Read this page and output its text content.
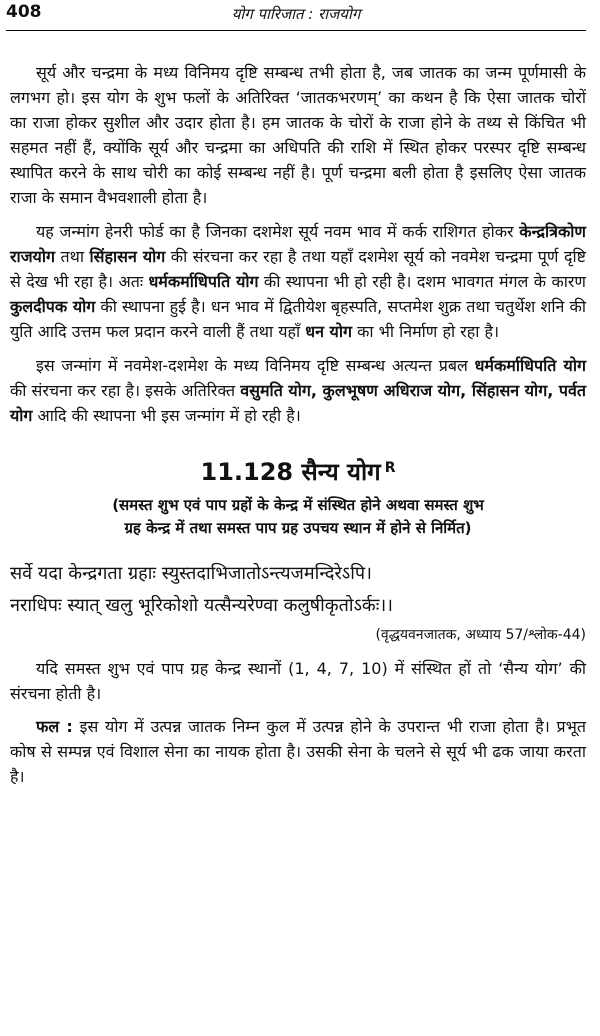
408	योग पारिजात : राजयोग

सूर्य और चन्द्रमा के मध्य विनिमय दृष्टि सम्बन्ध तभी होता है, जब जातक का जन्म पूर्णमासी के लगभग हो। इस योग के शुभ फलों के अतिरिक्त ‘जातकभरणम्’ का कथन है कि ऐसा जातक चोरों का राजा होकर सुशील और उदार होता है। हम जातक के चोरों के राजा होने के तथ्य से किंचित भी सहमत नहीं हैं, क्योंकि सूर्य और चन्द्रमा का अधिपति की राशि में स्थित होकर परस्पर दृष्टि सम्बन्ध स्थापित करने के साथ चोरी का कोई सम्बन्ध नहीं है। पूर्ण चन्द्रमा बली होता है इसलिए ऐसा जातक राजा के समान वैभवशाली होता है।

यह जन्मांग हेनरी फोर्ड का है जिनका दशमेश सूर्य नवम भाव में कर्क राशिगत होकर केन्द्रत्रिकोण राजयोग तथा सिंहासन योग की संरचना कर रहा है तथा यहाँ दशमेश सूर्य को नवमेश चन्द्रमा पूर्ण दृष्टि से देख भी रहा है। अतः धर्मकर्माधिपति योग की स्थापना भी हो रही है। दशम भावगत मंगल के कारण कुलदीपक योग की स्थापना हुई है। धन भाव में द्वितीयेश बृहस्पति, सप्तमेश शुक्र तथा चतुर्थेश शनि की युति आदि उत्तम फल प्रदान करने वाली हैं तथा यहाँ धन योग का भी निर्माण हो रहा है।

इस जन्मांग में नवमेश-दशमेश के मध्य विनिमय दृष्टि सम्बन्ध अत्यन्त प्रबल धर्मकर्माधिपति योग की संरचना कर रहा है। इसके अतिरिक्त वसुमति योग, कुलभूषण अधिराज योग, सिंहासन योग, पर्वत योग आदि की स्थापना भी इस जन्मांग में हो रही है।

11.128 सैन्य योग $^R$
(समस्त शुभ एवं पाप ग्रहों के केन्द्र में संस्थित होने अथवा समस्त शुभ
ग्रह केन्द्र में तथा समस्त पाप ग्रह उपचय स्थान में होने से निर्मित)
सर्वे यदा केन्द्रगता ग्रहाः स्युस्तदाभिजातोऽन्त्यजमन्दिरेऽपि।
नराधिपः स्यात् खलु भूरिकोशो यत्सैन्यरेण्वा कलुषीकृतोऽर्कः।।
(वृद्धयवनजातक, अध्याय 57/श्लोक-44)

यदि समस्त शुभ एवं पाप ग्रह केन्द्र स्थानों (1, 4, 7, 10) में संस्थित हों तो ‘सैन्य योग’ की संरचना होती है।

फल : इस योग में उत्पन्न जातक निम्न कुल में उत्पन्न होने के उपरान्त भी राजा होता है। प्रभूत कोष से सम्पन्न एवं विशाल सेना का नायक होता है। उसकी सेना के चलने से सूर्य भी ढक जाया करता है।
